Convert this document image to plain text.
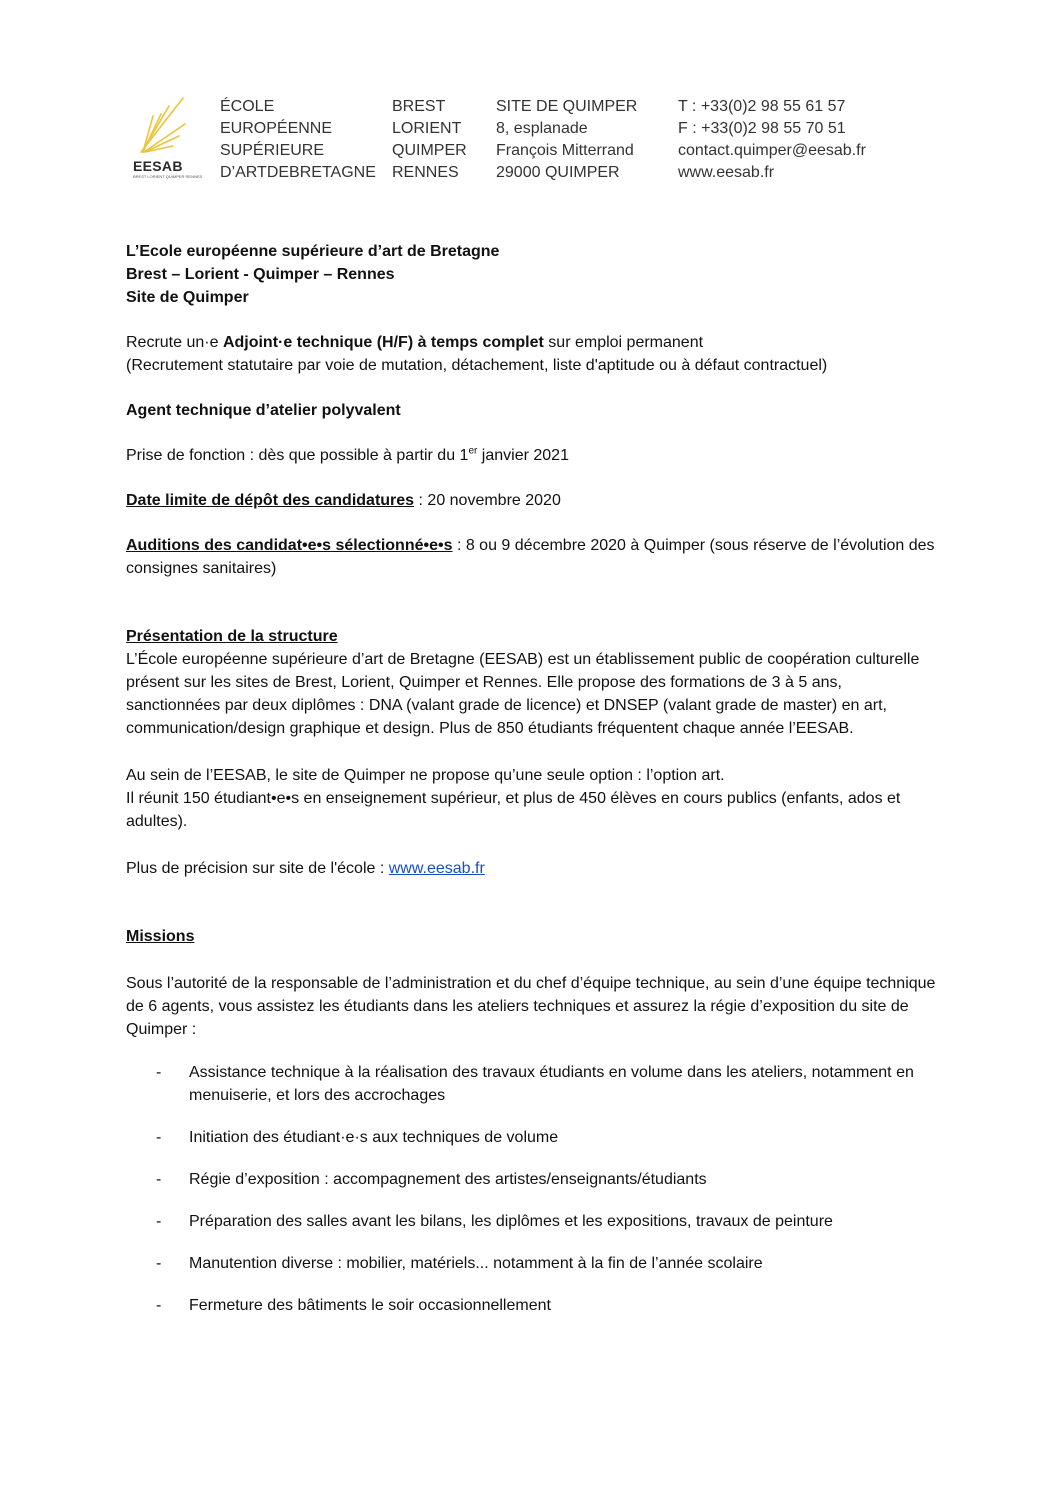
EESAB
BREST LORIENT QUIMPER RENNES
ÉCOLE
EUROPÉENNE
SUPÉRIEURE
D’ARTDEBRETAGNE
BREST
LORIENT
QUIMPER
RENNES
SITE DE QUIMPER
8, esplanade
François Mitterrand
29000 QUIMPER
T : +33(0)2 98 55 61 57
F : +33(0)2 98 55 70 51
contact.quimper@eesab.fr
www.eesab.fr

L’Ecole européenne supérieure d’art de Bretagne

Brest – Lorient - Quimper – Rennes

Site de Quimper

Recrute un·e Adjoint·e technique (H/F) à temps complet sur emploi permanent

(Recrutement statutaire par voie de mutation, détachement, liste d'aptitude ou à défaut contractuel)

Agent technique d’atelier polyvalent

Prise de fonction : dès que possible à partir du 1er janvier 2021

Date limite de dépôt des candidatures : 20 novembre 2020

Auditions des candidat•e•s sélectionné•e•s : 8 ou 9 décembre 2020 à Quimper (sous réserve de l’évolution des consignes sanitaires)

Présentation de la structure

L’École européenne supérieure d’art de Bretagne (EESAB) est un établissement public de coopération culturelle présent sur les sites de Brest, Lorient, Quimper et Rennes. Elle propose des formations de 3 à 5 ans, sanctionnées par deux diplômes : DNA (valant grade de licence) et DNSEP (valant grade de master) en art, communication/design graphique et design. Plus de 850 étudiants fréquentent chaque année l’EESAB.

Au sein de l’EESAB, le site de Quimper ne propose qu’une seule option : l’option art.

Il réunit 150 étudiant•e•s en enseignement supérieur, et plus de 450 élèves en cours publics (enfants, ados et adultes).

Plus de précision sur site de l'école : www.eesab.fr

Missions

Sous l’autorité de la responsable de l’administration et du chef d’équipe technique, au sein d’une équipe technique de 6 agents, vous assistez les étudiants dans les ateliers techniques et assurez la régie d’exposition du site de Quimper :

- Assistance technique à la réalisation des travaux étudiants en volume dans les ateliers, notamment en menuiserie, et lors des accrochages
- Initiation des étudiant·e·s aux techniques de volume
- Régie d’exposition : accompagnement des artistes/enseignants/étudiants
- Préparation des salles avant les bilans, les diplômes et les expositions, travaux de peinture
- Manutention diverse : mobilier, matériels... notamment à la fin de l’année scolaire
- Fermeture des bâtiments le soir occasionnellement
